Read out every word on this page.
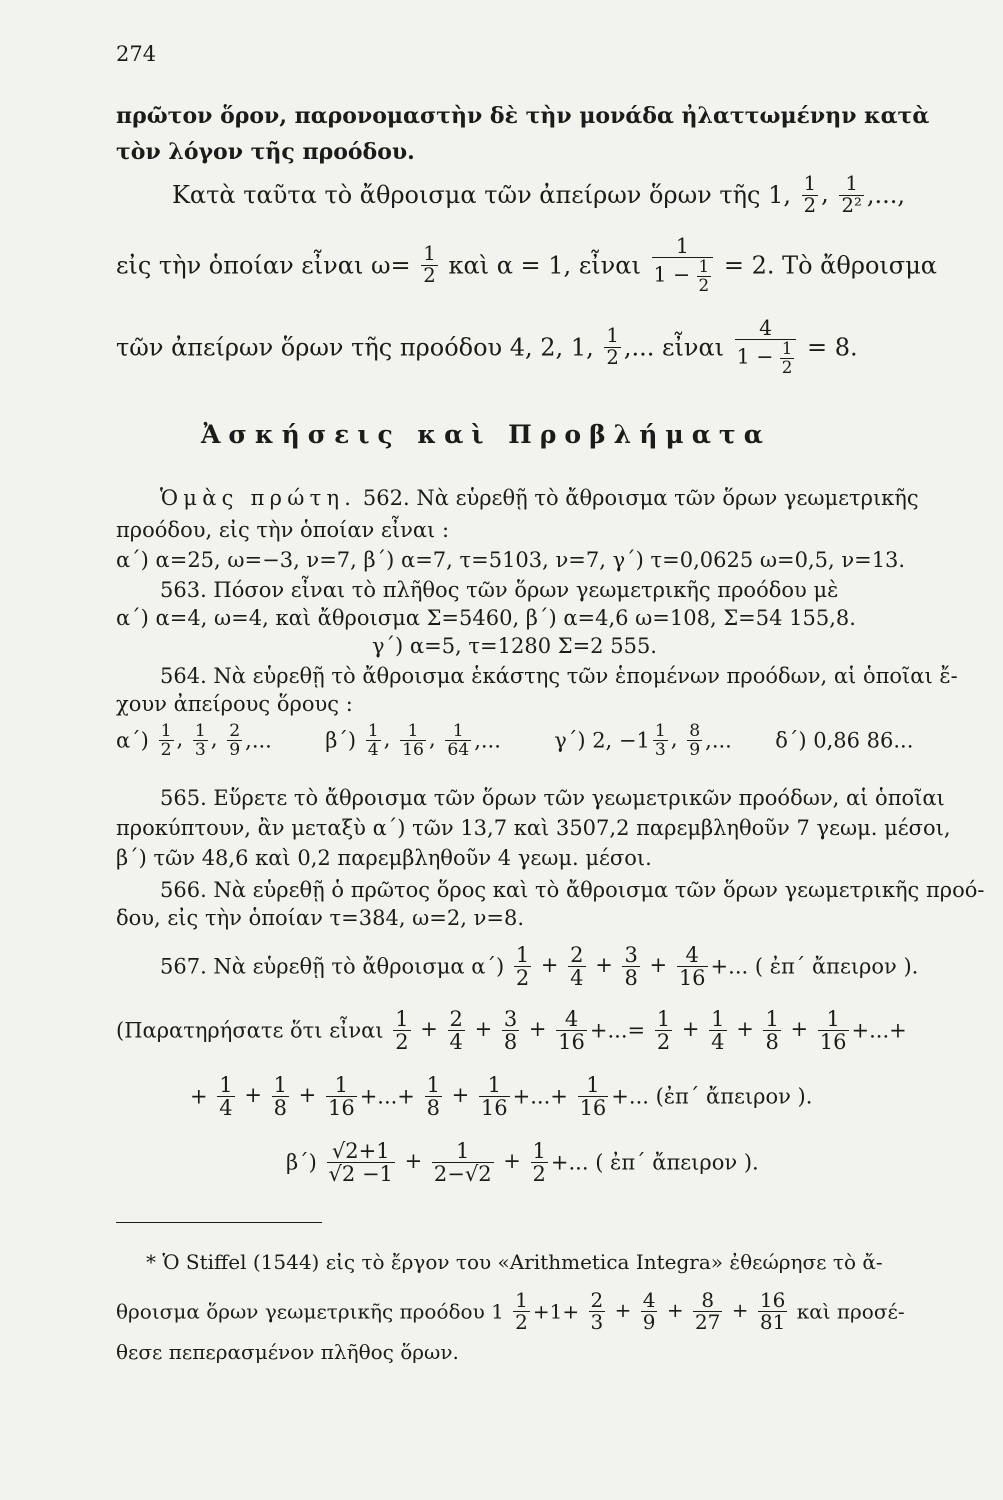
274
πρῶτον ὅρον, παρονομαστὴν δὲ τὴν μονάδα ἠλαττωμένην κατὰ
τὸν λόγον τῆς προόδου.
Κατὰ ταῦτα τὸ ἄθροισμα τῶν ἀπείρων ὅρων τῆς 1, $\frac{1}{2}$ , $\frac{1}{\text{2²}}$ ,...,
εἰς τὴν ὁποίαν εἶναι $\omega= \frac{1}{2}$ καὶ α = 1, εἶναι $\frac{1}{1 - \frac{1}{2}} = 2$. Τὸ ἄθροισμα
τῶν ἀπείρων ὅρων τῆς προόδου 4, 2, 1, $\frac{1}{2}$ ,... εἶναι $\frac{4}{1 - \frac{1}{2}} = 8$.
Ἀσκήσεις καὶ Προβλήματα
Ὁμὰς πρώτη. 562. Νὰ εὑρεθῇ τὸ ἄθροισμα τῶν ὅρων γεωμετρικῆς
προόδου, εἰς τὴν ὁποίαν εἶναι :
α΄) α=25, ω=−3, ν=7, β΄) α=7, τ=5103, ν=7, γ΄) τ=0,0625 ω=0,5, ν=13.
563. Πόσον εἶναι τὸ πλῆθος τῶν ὅρων γεωμετρικῆς προόδου μὲ
α΄) α=4, ω=4, καὶ ἄθροισμα Σ=5460, β΄) α=4,6 ω=108, Σ=54 155,8.
γ΄) α=5, τ=1280 Σ=2 555.
564. Νὰ εὑρεθῇ τὸ ἄθροισμα ἑκάστης τῶν ἑπομένων προόδων, αἱ ὁποῖαι ἔ-
χουν ἀπείρους ὅρους :
$\alpha΄) \frac{1}{2}$ , $\frac{1}{3}$ , $\frac{2}{9}$ ,...	$\beta΄) \frac{1}{4}$ , $\frac{1}{16}$ , $\frac{1}{64}$ ,...	γ΄) 2, $-1 \frac{1}{3}$ , $\frac{8}{9}$ ,... δ΄) 0,86 86...
565. Εὕρετε τὸ ἄθροισμα τῶν ὅρων τῶν γεωμετρικῶν προόδων, αἱ ὁποῖαι
προκύπτουν, ἂν μεταξὺ α΄) τῶν 13,7 καὶ 3507,2 παρεμβληθοῦν 7 γεωμ. μέσοι,
β΄) τῶν 48,6 καὶ 0,2 παρεμβληθοῦν 4 γεωμ. μέσοι.
566. Νὰ εὑρεθῇ ὁ πρῶτος ὅρος καὶ τὸ ἄθροισμα τῶν ὅρων γεωμετρικῆς προό-
δου, εἰς τὴν ὁποίαν τ=384, ω=2, ν=8.
567. Νὰ εὑρεθῇ τὸ ἄθροισμα $\alpha΄) \frac{1}{2} + \frac{2}{4} + \frac{3}{8} + \frac{4}{16}$ +... ( ἐπ΄ ἄπειρον ).
(Παρατηρήσατε ὅτι εἶναι $\frac{1}{2} + \frac{2}{4} + \frac{3}{8} + \frac{4}{16}$ +...= $\frac{1}{2} + \frac{1}{4} + \frac{1}{8} + \frac{1}{16}$ +...+
+ $\frac{1}{4} + \frac{1}{8} + \frac{1}{16}$ +...+ $\frac{1}{8} + \frac{1}{16}$ +...+ $\frac{1}{16}$ +... (ἐπ΄ ἄπειρον ).
$\beta΄) \frac{√2+1}{√2 -1} + \frac{1}{2-√2} + \frac{1}{2}$ +... ( ἐπ΄ ἄπειρον ).
* Ὁ Stiffel (1544) εἰς τὸ ἔργον του «Arithmetica Integra» ἐθεώρησε τὸ ἄ-
θροισμα ὅρων γεωμετρικῆς προόδου $1 \frac{1}{2} +1+ \frac{2}{3} + \frac{4}{9} + \frac{8}{27} + \frac{16}{81}$ καὶ προσέ-
θεσε πεπερασμένον πλῆθος ὅρων.
